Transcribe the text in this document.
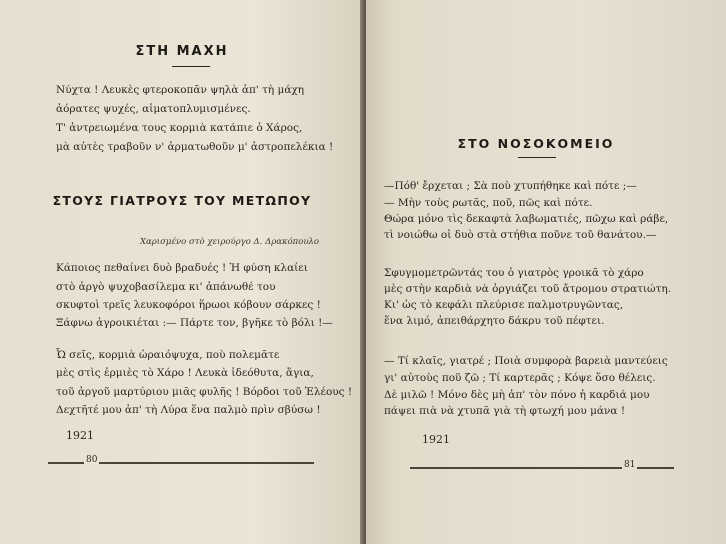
ΣΤΗ ΜΑΧΗ
Νύχτα ! Λευκὲς φτεροκοπᾶν ψηλὰ ἀπ' τὴ μάχη
ἀόρατες ψυχές, αἱματοπλυμισμένες.
Τ' ἀντρειωμένα τους κορμιὰ κατάπιε ὁ Χάρος,
μὰ αὐτὲς τραβοῦν ν' ἁρματωθοῦν μ' ἀστροπελέκια !
ΣΤΟΥΣ ΓΙΑΤΡΟΥΣ ΤΟΥ ΜΕΤΩΠΟΥ
Χαρισμένο στὸ χειρούργο Δ. Δρακόπουλο
Κάποιος πεθαίνει δυὸ βραδυές ! Ἡ φύση κλαίει
στὸ ἀργὸ ψυχοβασίλεμα κι' ἀπάνωθέ του
σκυφτοὶ τρεῖς λευκοφόροι ἥρωοι κόβουν σάρκες !
Ξάφνω ἀγροικιέται :— Πάρτε τον, βγῆκε τὸ βόλι !—
Ὦ σεῖς, κορμιὰ ὡραιόψυχα, ποὺ πολεμᾶτε
μὲς στὶς ἐρμιὲς τὸ Χάρο ! Λευκὰ ἰδεόθυτα, ἅγια,
τοῦ ἀργοῦ μαρτύριου μιᾶς φυλῆς ! Βόρδοι τοῦ Ἐλέους !
Δεχτῆτέ μου ἀπ' τὴ Λύρα ἕνα παλμὸ πρὶν σβύσω !
1921
80
ΣΤΟ ΝΟΣΟΚΟΜΕΙΟ
—Πόθ' ἔρχεται ; Σὰ ποὺ χτυπήθηκε καὶ πότε ;—
— Μὴν τοὺς ρωτᾶς, ποῦ, πῶς καὶ πότε.
Θώρα μόνο τὶς δεκαφτὰ λαβωματιές, πῶχω καὶ ράβε,
τὶ νοιώθω οἱ δυὸ στὰ στήθια ποῦνε τοῦ θανάτου.—
Σφυγμομετρῶντάς του ὁ γιατρὸς γροικᾶ τὸ χάρο
μὲς στὴν καρδιὰ νὰ ὀργιάζει τοῦ ἄτρομου στρατιώτη.
Κι' ὡς τὸ κεφάλι πλεύρισε παλμοτρυγῶντας,
ἕνα λιμό, ἀπειθάρχητο δάκρυ τοῦ πέφτει.
— Τί κλαῖς, γιατρέ ; Ποιὰ συμφορὰ βαρειὰ μαντεύεις
γι' αὐτοὺς ποῦ ζῶ ; Τί καρτερᾶς ; Κόψε ὅσο θέλεις.
Δὲ μιλῶ ! Μόνο δὲς μὴ ἀπ' τὸν πόνο ἡ καρδιά μου
πάψει πιὰ νὰ χτυπᾶ γιὰ τὴ φτωχή μου μάνα !
1921
81
